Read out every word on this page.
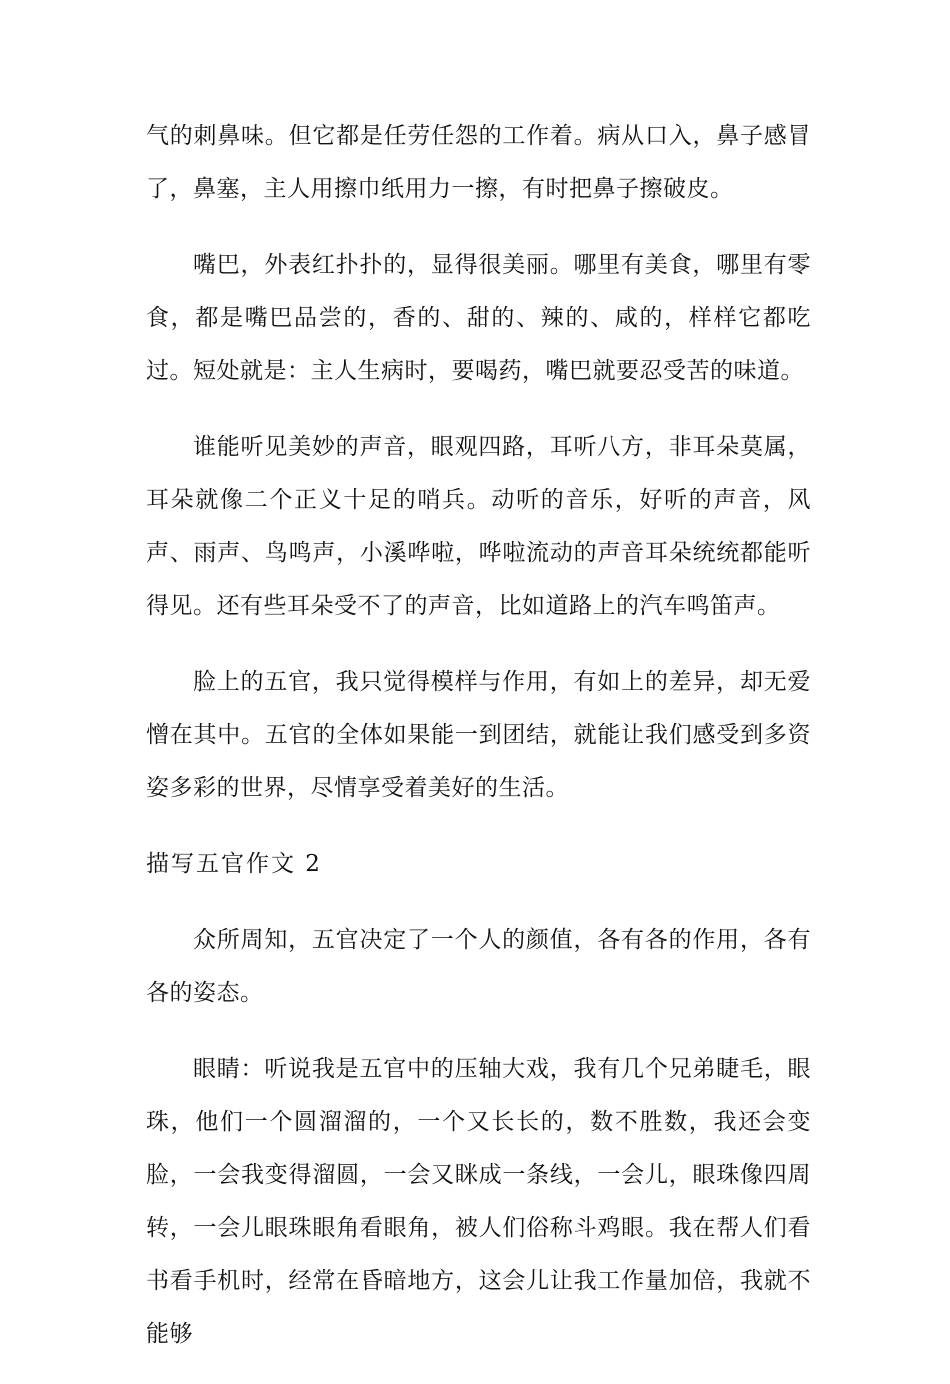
气的刺鼻味。但它都是任劳任怨的工作着。病从口入，鼻子感冒了，鼻塞，主人用擦巾纸用力一擦，有时把鼻子擦破皮。

嘴巴，外表红扑扑的，显得很美丽。哪里有美食，哪里有零食，都是嘴巴品尝的，香的、甜的、辣的、咸的，样样它都吃过。短处就是：主人生病时，要喝药，嘴巴就要忍受苦的味道。

谁能听见美妙的声音，眼观四路，耳听八方，非耳朵莫属，耳朵就像二个正义十足的哨兵。动听的音乐，好听的声音，风声、雨声、鸟鸣声，小溪哗啦，哗啦流动的声音耳朵统统都能听得见。还有些耳朵受不了的声音，比如道路上的汽车鸣笛声。

脸上的五官，我只觉得模样与作用，有如上的差异，却无爱憎在其中。五官的全体如果能一到团结，就能让我们感受到多资姿多彩的世界，尽情享受着美好的生活。

描写五官作文 2

众所周知，五官决定了一个人的颜值，各有各的作用，各有各的姿态。

眼睛：听说我是五官中的压轴大戏，我有几个兄弟睫毛，眼珠，他们一个圆溜溜的，一个又长长的，数不胜数，我还会变脸，一会我变得溜圆，一会又眯成一条线，一会儿，眼珠像四周转，一会儿眼珠眼角看眼角，被人们俗称斗鸡眼。我在帮人们看书看手机时，经常在昏暗地方，这会儿让我工作量加倍，我就不能够
